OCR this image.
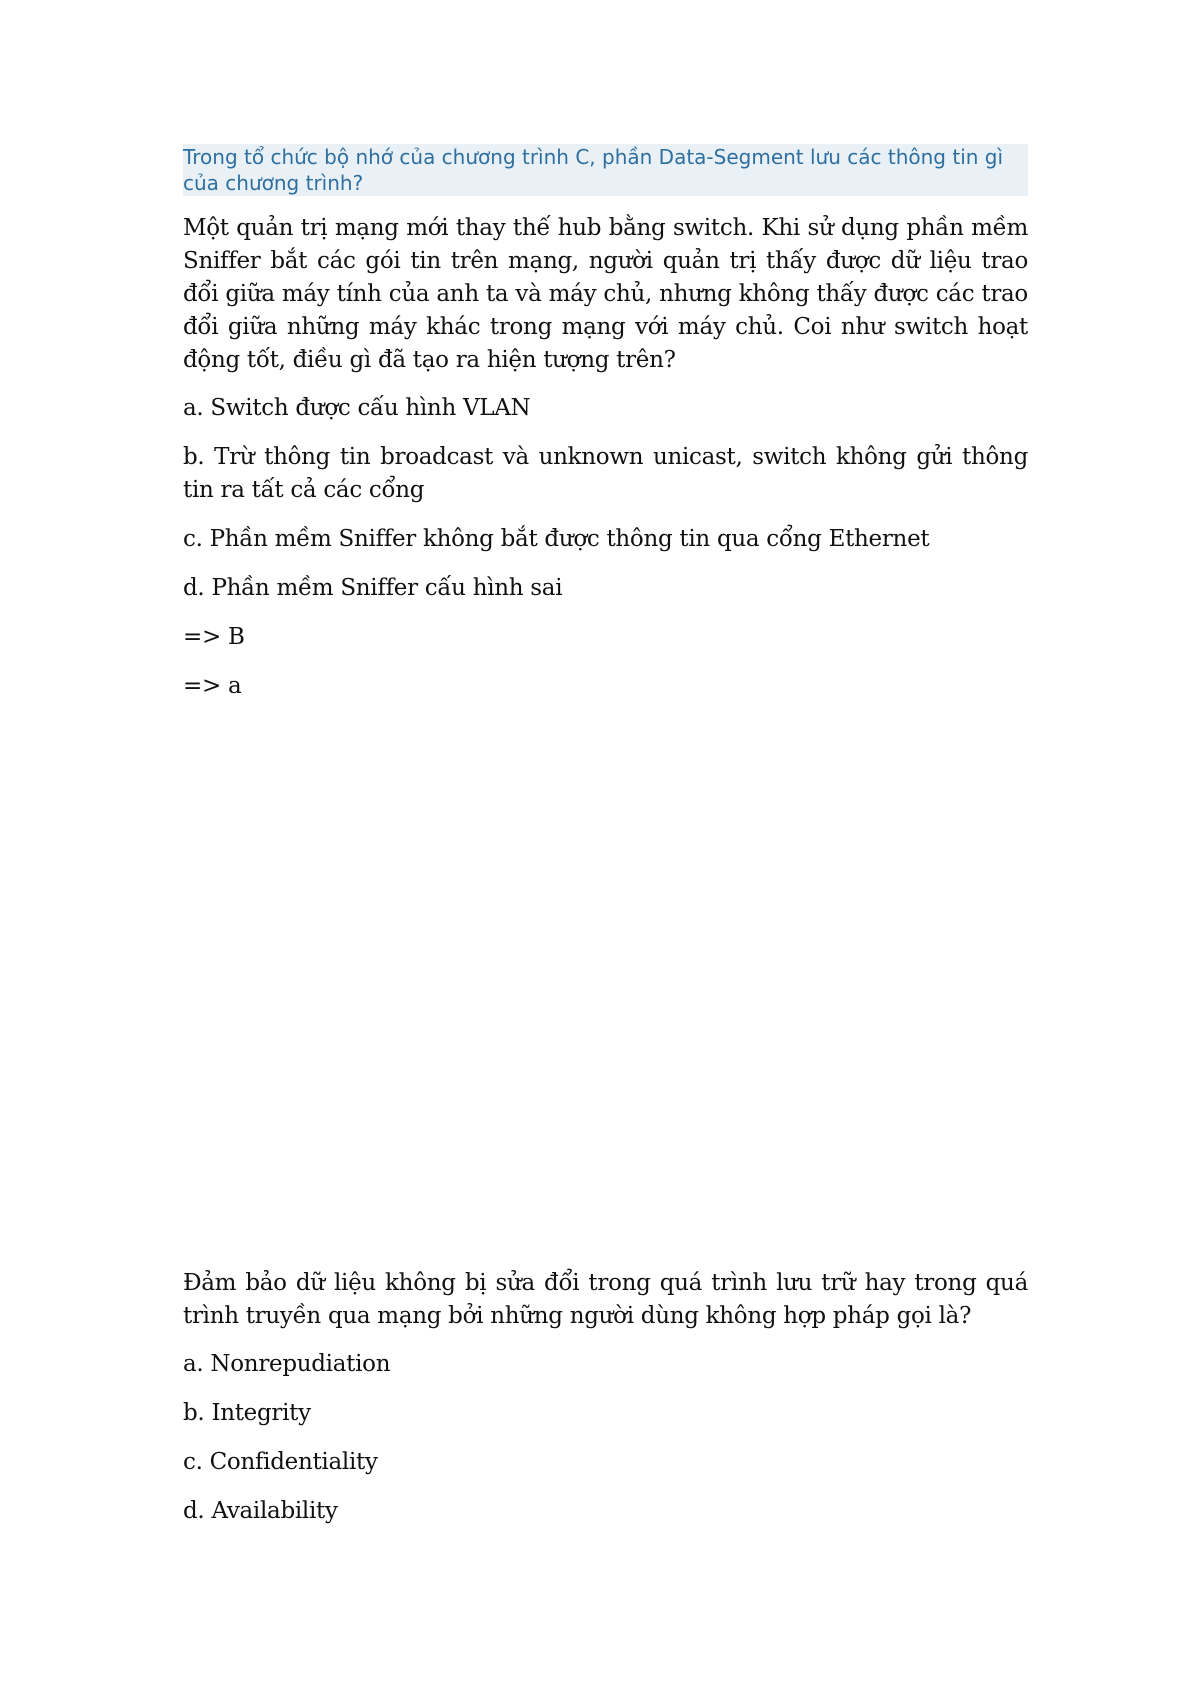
Trong tổ chức bộ nhớ của chương trình C, phần Data-Segment lưu các thông tin gì của chương trình?

Một quản trị mạng mới thay thế hub bằng switch. Khi sử dụng phần mềm Sniffer bắt các gói tin trên mạng, người quản trị thấy được dữ liệu trao đổi giữa máy tính của anh ta và máy chủ, nhưng không thấy được các trao đổi giữa những máy khác trong mạng với máy chủ. Coi như switch hoạt động tốt, điều gì đã tạo ra hiện tượng trên?

a. Switch được cấu hình VLAN

b. Trừ thông tin broadcast và unknown unicast, switch không gửi thông tin ra tất cả các cổng

c. Phần mềm Sniffer không bắt được thông tin qua cổng Ethernet

d. Phần mềm Sniffer cấu hình sai

=> B

=> a

Đảm bảo dữ liệu không bị sửa đổi trong quá trình lưu trữ hay trong quá trình truyền qua mạng bởi những người dùng không hợp pháp gọi là?

a. Nonrepudiation

b. Integrity

c. Confidentiality

d. Availability
